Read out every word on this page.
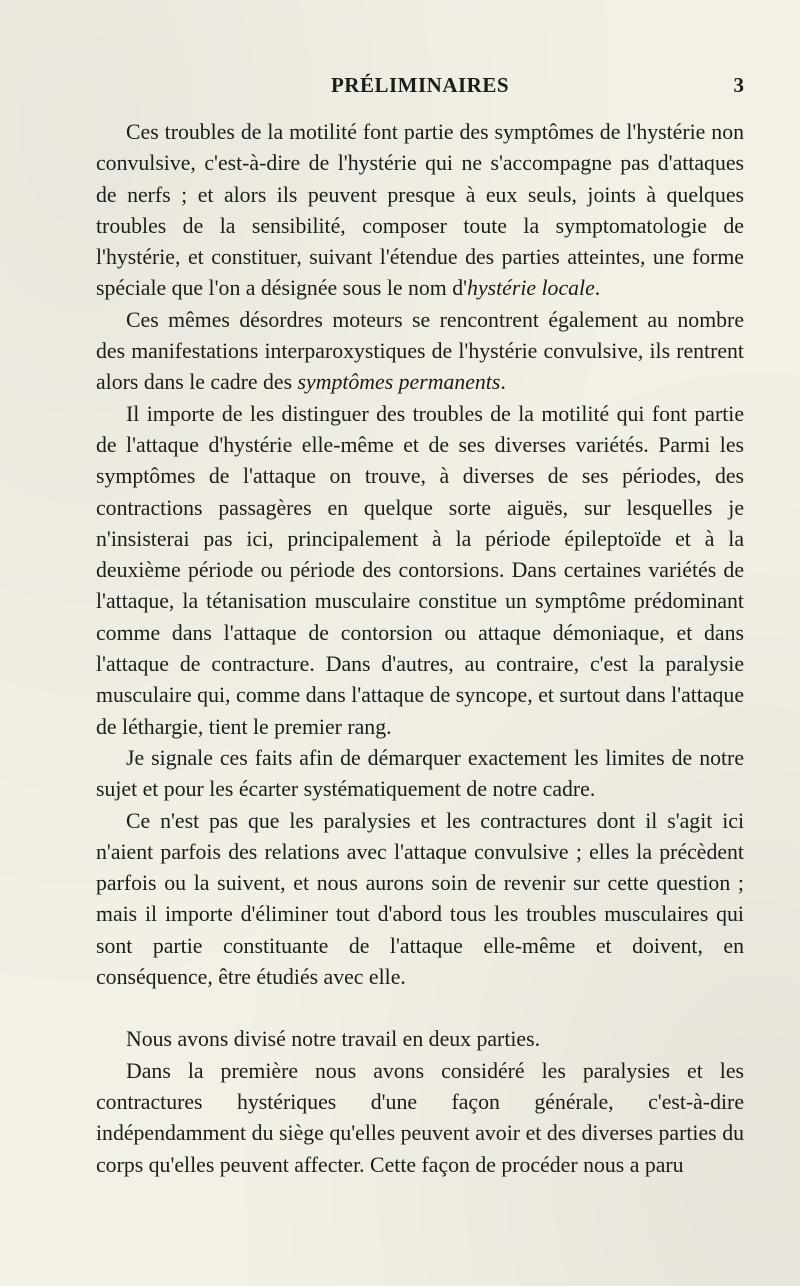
PRÉLIMINAIRES	3

Ces troubles de la motilité font partie des symptômes de l'hystérie non convulsive, c'est-à-dire de l'hystérie qui ne s'accompagne pas d'attaques de nerfs ; et alors ils peuvent presque à eux seuls, joints à quelques troubles de la sensibilité, composer toute la symptomatologie de l'hystérie, et constituer, suivant l'étendue des parties atteintes, une forme spéciale que l'on a désignée sous le nom d'hystérie locale.

Ces mêmes désordres moteurs se rencontrent également au nombre des manifestations interparoxystiques de l'hystérie convulsive, ils rentrent alors dans le cadre des symptômes permanents.

Il importe de les distinguer des troubles de la motilité qui font partie de l'attaque d'hystérie elle-même et de ses diverses variétés. Parmi les symptômes de l'attaque on trouve, à diverses de ses périodes, des contractions passagères en quelque sorte aiguës, sur lesquelles je n'insisterai pas ici, principalement à la période épileptoïde et à la deuxième période ou période des contorsions. Dans certaines variétés de l'attaque, la tétanisation musculaire constitue un symptôme prédominant comme dans l'attaque de contorsion ou attaque démoniaque, et dans l'attaque de contracture. Dans d'autres, au contraire, c'est la paralysie musculaire qui, comme dans l'attaque de syncope, et surtout dans l'attaque de léthargie, tient le premier rang.

Je signale ces faits afin de démarquer exactement les limites de notre sujet et pour les écarter systématiquement de notre cadre.

Ce n'est pas que les paralysies et les contractures dont il s'agit ici n'aient parfois des relations avec l'attaque convulsive ; elles la précèdent parfois ou la suivent, et nous aurons soin de revenir sur cette question ; mais il importe d'éliminer tout d'abord tous les troubles musculaires qui sont partie constituante de l'attaque elle-même et doivent, en conséquence, être étudiés avec elle.

Nous avons divisé notre travail en deux parties.

Dans la première nous avons considéré les paralysies et les contractures hystériques d'une façon générale, c'est-à-dire indépendamment du siège qu'elles peuvent avoir et des diverses parties du corps qu'elles peuvent affecter. Cette façon de procéder nous a paru
